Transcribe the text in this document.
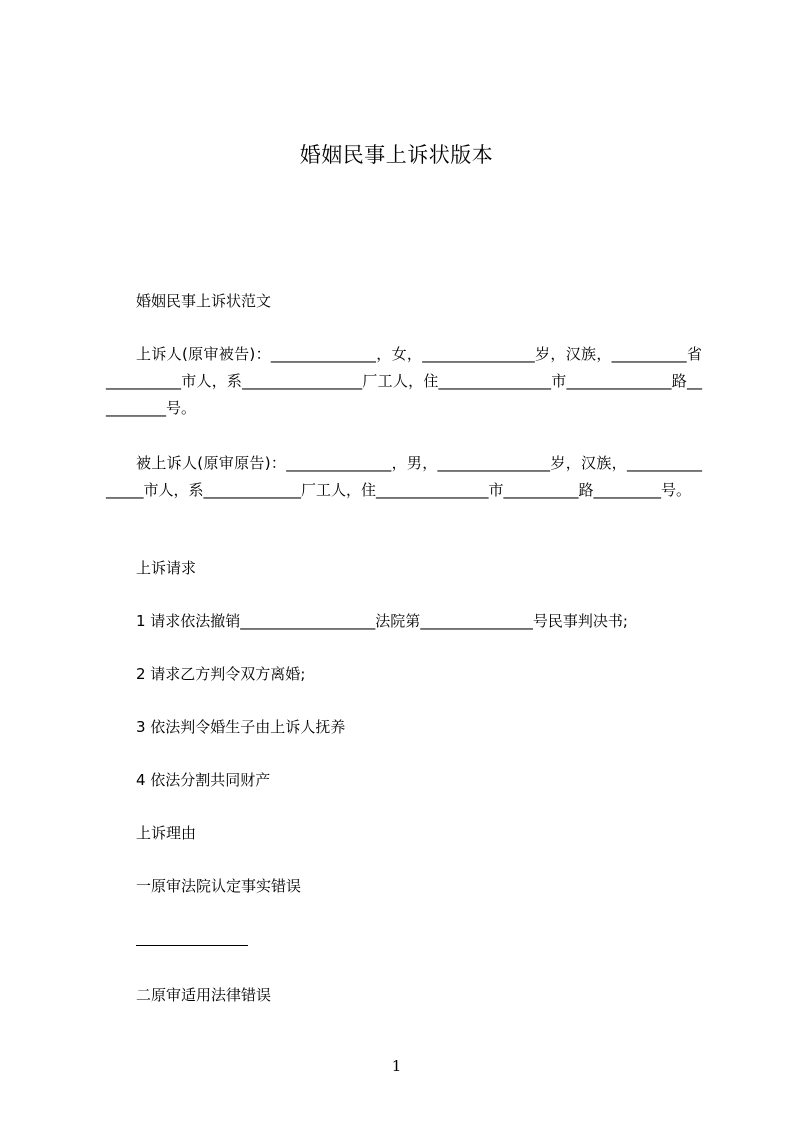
婚姻民事上诉状版本
婚姻民事上诉状范文
上诉人(原审被告)：______________，女，_______________岁，汉族，__________省__________市人，系________________厂工人，住_______________市______________路__________号。
被上诉人(原审原告)：______________，男，_______________岁，汉族，_______________市人，系_____________厂工人，住_______________市__________路_________号。
上诉请求
1 请求依法撤销__________________法院第_______________号民事判决书;
2 请求乙方判令双方离婚;
3 依法判令婚生子由上诉人抚养
4 依法分割共同财产
上诉理由
一原审法院认定事实错误
二原审适用法律错误
1
